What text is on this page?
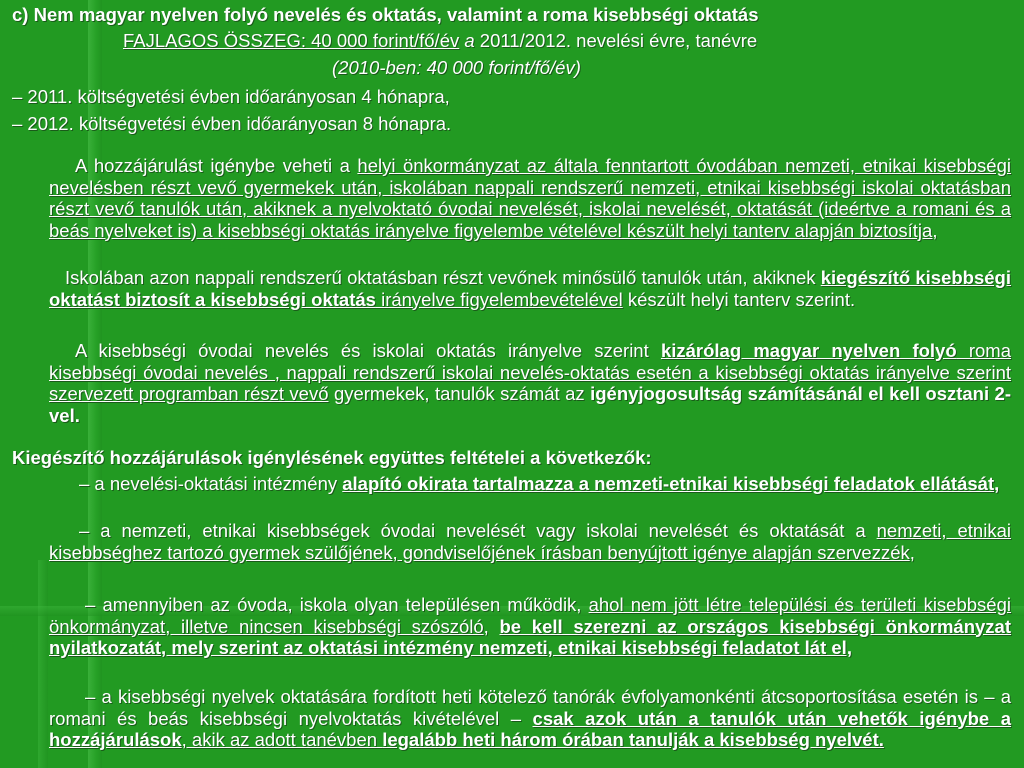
c) Nem magyar nyelven folyó nevelés és oktatás, valamint a roma kisebbségi oktatás
FAJLAGOS ÖSSZEG: 40 000 forint/fő/év a 2011/2012. nevelési évre, tanévre
(2010-ben: 40 000 forint/fő/év)
– 2011. költségvetési évben időarányosan 4 hónapra,
– 2012. költségvetési évben időarányosan 8 hónapra.
A hozzájárulást igénybe veheti a helyi önkormányzat az általa fenntartott óvodában nemzeti, etnikai kisebbségi nevelésben részt vevő gyermekek után, iskolában nappali rendszerű nemzeti, etnikai kisebbségi iskolai oktatásban részt vevő tanulók után, akiknek a nyelvoktató óvodai nevelését, iskolai nevelését, oktatását (ideértve a romani és a beás nyelveket is) a kisebbségi oktatás irányelve figyelembe vételével készült helyi tanterv alapján biztosítja,
Iskolában azon nappali rendszerű oktatásban részt vevőnek minősülő tanulók után, akiknek kiegészítő kisebbségi oktatást biztosít a kisebbségi oktatás irányelve figyelembevételével készült helyi tanterv szerint.
A kisebbségi óvodai nevelés és iskolai oktatás irányelve szerint kizárólag magyar nyelven folyó roma kisebbségi óvodai nevelés , nappali rendszerű iskolai nevelés-oktatás esetén a kisebbségi oktatás irányelve szerint szervezett programban részt vevő gyermekek, tanulók számát az igényjogosultság számításánál el kell osztani 2-vel.
Kiegészítő hozzájárulások igénylésének együttes feltételei a következők:
– a nevelési-oktatási intézmény alapító okirata tartalmazza a nemzeti-etnikai kisebbségi feladatok ellátását,
– a nemzeti, etnikai kisebbségek óvodai nevelését vagy iskolai nevelését és oktatását a nemzeti, etnikai kisebbséghez tartozó gyermek szülőjének, gondviselőjének írásban benyújtott igénye alapján szervezzék,
– amennyiben az óvoda, iskola olyan településen működik, ahol nem jött létre települési és területi kisebbségi önkormányzat, illetve nincsen kisebbségi szószóló, be kell szerezni az országos kisebbségi önkormányzat nyilatkozatát, mely szerint az oktatási intézmény nemzeti, etnikai kisebbségi feladatot lát el,
– a kisebbségi nyelvek oktatására fordított heti kötelező tanórák évfolyamonkénti átcsoportosítása esetén is – a romani és beás kisebbségi nyelvoktatás kivételével – csak azok után a tanulók után vehetők igénybe a hozzájárulások, akik az adott tanévben legalább heti három órában tanulják a kisebbség nyelvét.
